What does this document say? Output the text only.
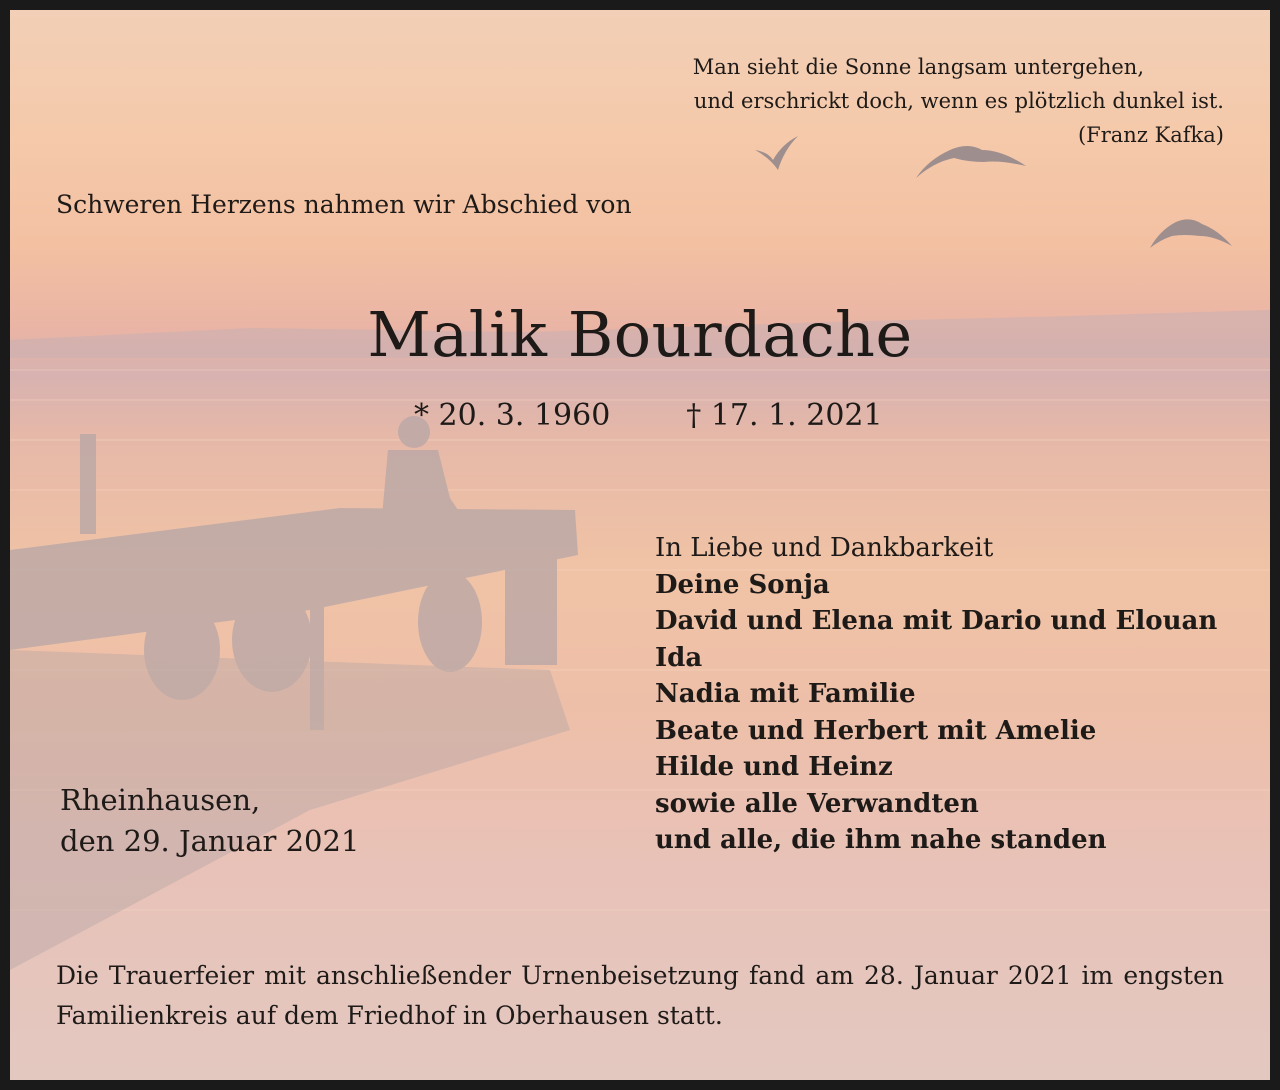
Man sieht die Sonne langsam untergehen,
und erschrickt doch, wenn es plötzlich dunkel ist.
(Franz Kafka)
Schweren Herzens nahmen wir Abschied von
Malik Bourdache
* 20. 3. 1960	† 17. 1. 2021
In Liebe und Dankbarkeit
Deine Sonja
David und Elena mit Dario und Elouan
Ida
Nadia mit Familie
Beate und Herbert mit Amelie
Hilde und Heinz
sowie alle Verwandten
und alle, die ihm nahe standen
Rheinhausen,
den 29. Januar 2021
Die Trauerfeier mit anschließender Urnenbeisetzung fand am 28. Januar 2021 im engsten Familienkreis auf dem Friedhof in Oberhausen statt.
